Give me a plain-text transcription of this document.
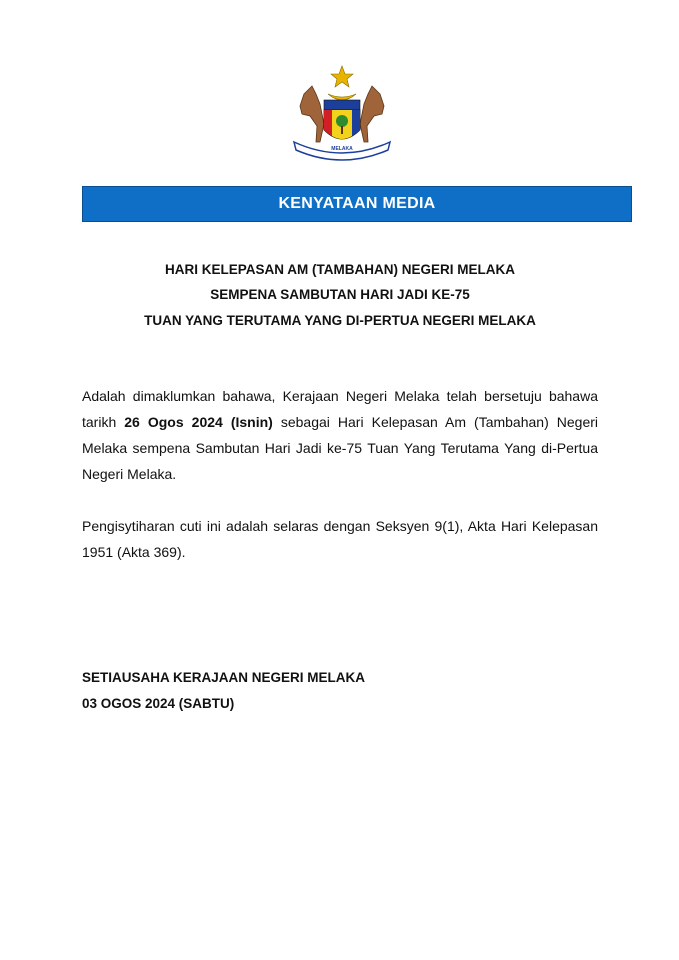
MELAKA
KENYATAAN MEDIA
HARI KELEPASAN AM (TAMBAHAN) NEGERI MELAKA
SEMPENA SAMBUTAN HARI JADI KE-75
TUAN YANG TERUTAMA YANG DI-PERTUA NEGERI MELAKA
Adalah dimaklumkan bahawa, Kerajaan Negeri Melaka telah bersetuju bahawa tarikh 26 Ogos 2024 (Isnin) sebagai Hari Kelepasan Am (Tambahan) Negeri Melaka sempena Sambutan Hari Jadi ke-75 Tuan Yang Terutama Yang di-Pertua Negeri Melaka.
Pengisytiharan cuti ini adalah selaras dengan Seksyen 9(1), Akta Hari Kelepasan 1951 (Akta 369).
SETIAUSAHA KERAJAAN NEGERI MELAKA
03 OGOS 2024 (SABTU)
